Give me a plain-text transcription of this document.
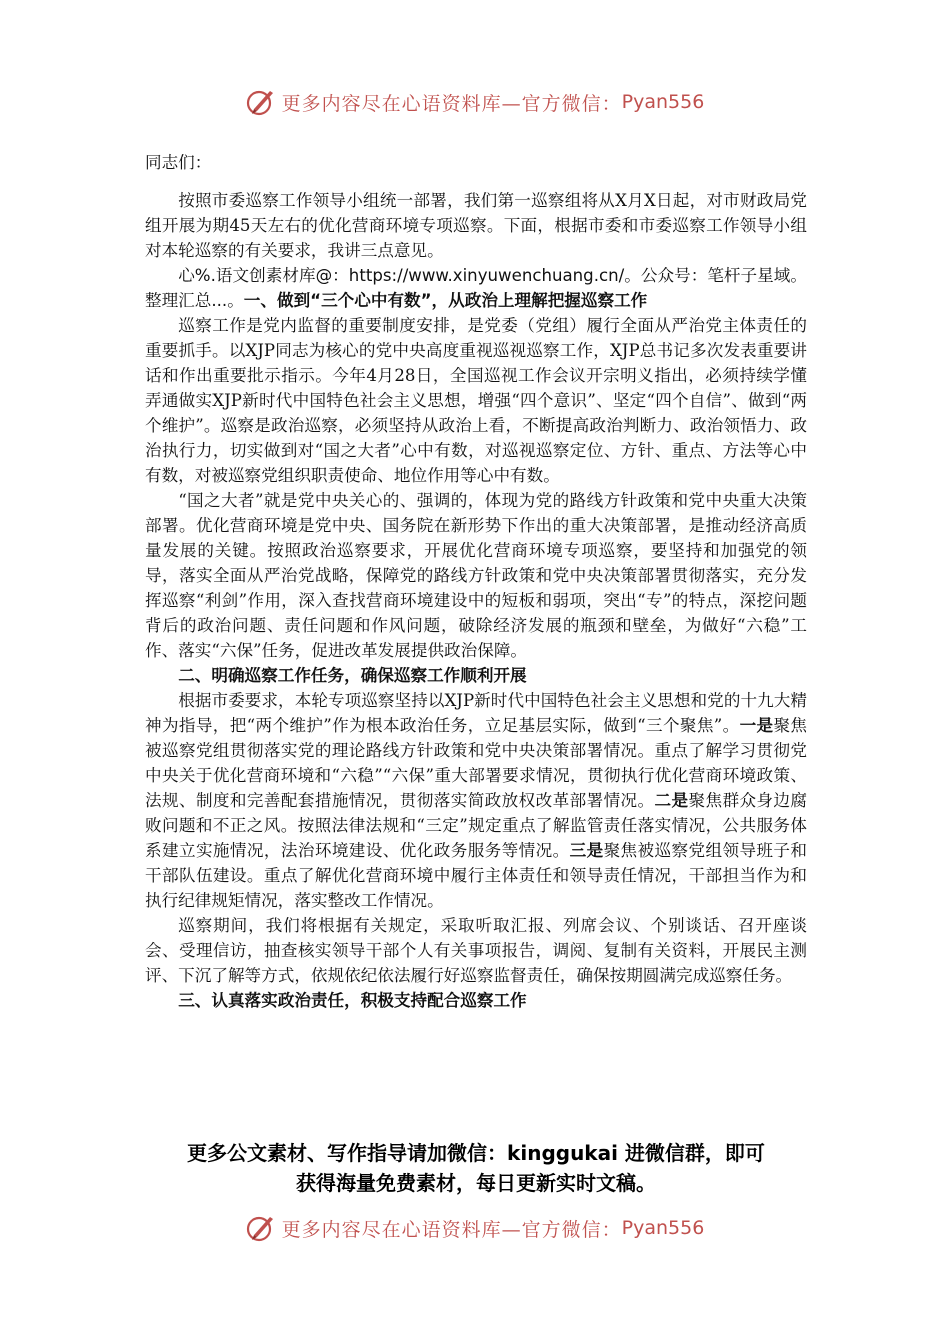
更多内容尽在心语资料库—官方微信： Pyan556

同志们：

按照市委巡察工作领导小组统一部署，我们第一巡察组将从X月X日起，对市财政局党组开展为期45天左右的优化营商环境专项巡察。下面，根据市委和市委巡察工作领导小组对本轮巡察的有关要求，我讲三点意见。

心%.语文创素材库@：https://www.xinyuwenchuang.cn/。公众号：笔杆子星域。整理汇总...。一、做到“三个心中有数”，从政治上理解把握巡察工作

巡察工作是党内监督的重要制度安排，是党委（党组）履行全面从严治党主体责任的重要抓手。以XJP同志为核心的党中央高度重视巡视巡察工作，XJP总书记多次发表重要讲话和作出重要批示指示。今年4月28日，全国巡视工作会议开宗明义指出，必须持续学懂弄通做实XJP新时代中国特色社会主义思想，增强“四个意识”、坚定“四个自信”、做到“两个维护”。巡察是政治巡察，必须坚持从政治上看，不断提高政治判断力、政治领悟力、政治执行力，切实做到对“国之大者”心中有数，对巡视巡察定位、方针、重点、方法等心中有数，对被巡察党组织职责使命、地位作用等心中有数。

“国之大者”就是党中央关心的、强调的，体现为党的路线方针政策和党中央重大决策部署。优化营商环境是党中央、国务院在新形势下作出的重大决策部署，是推动经济高质量发展的关键。按照政治巡察要求，开展优化营商环境专项巡察，要坚持和加强党的领导，落实全面从严治党战略，保障党的路线方针政策和党中央决策部署贯彻落实，充分发挥巡察“利剑”作用，深入查找营商环境建设中的短板和弱项，突出“专”的特点，深挖问题背后的政治问题、责任问题和作风问题，破除经济发展的瓶颈和壁垒，为做好“六稳”工作、落实“六保”任务，促进改革发展提供政治保障。

二、明确巡察工作任务，确保巡察工作顺利开展

根据市委要求，本轮专项巡察坚持以XJP新时代中国特色社会主义思想和党的十九大精神为指导，把“两个维护”作为根本政治任务，立足基层实际，做到“三个聚焦”。一是聚焦被巡察党组贯彻落实党的理论路线方针政策和党中央决策部署情况。重点了解学习贯彻党中央关于优化营商环境和“六稳”“六保”重大部署要求情况，贯彻执行优化营商环境政策、法规、制度和完善配套措施情况，贯彻落实简政放权改革部署情况。二是聚焦群众身边腐败问题和不正之风。按照法律法规和“三定”规定重点了解监管责任落实情况，公共服务体系建立实施情况，法治环境建设、优化政务服务等情况。三是聚焦被巡察党组领导班子和干部队伍建设。重点了解优化营商环境中履行主体责任和领导责任情况，干部担当作为和执行纪律规矩情况，落实整改工作情况。

巡察期间，我们将根据有关规定，采取听取汇报、列席会议、个别谈话、召开座谈会、受理信访，抽查核实领导干部个人有关事项报告，调阅、复制有关资料，开展民主测评、下沉了解等方式，依规依纪依法履行好巡察监督责任，确保按期圆满完成巡察任务。

三、认真落实政治责任，积极支持配合巡察工作

更多公文素材、写作指导请加微信：kinggukai 进微信群，即可
获得海量免费素材，每日更新实时文稿。
更多内容尽在心语资料库—官方微信： Pyan556
